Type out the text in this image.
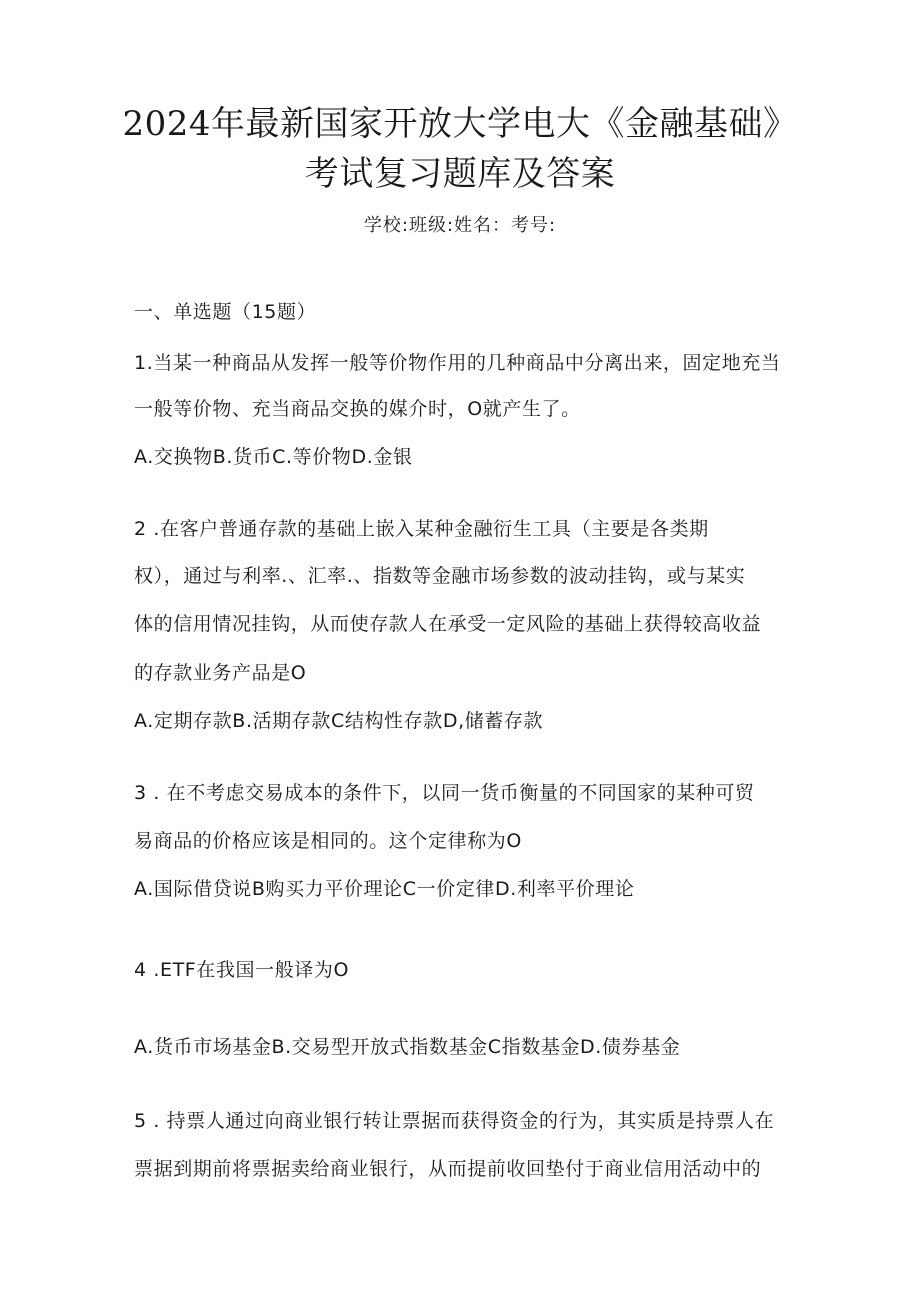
2024年最新国家开放大学电大《金融基础》
考试复习题库及答案
学校:班级:姓名：考号:
一、单选题（15题）
1.当某一种商品从发挥一般等价物作用的几种商品中分离出来，固定地充当
一般等价物、充当商品交换的媒介时，O就产生了。
A.交换物B.货币C.等价物D.金银
2 .在客户普通存款的基础上嵌入某种金融衍生工具（主要是各类期
权），通过与利率.、汇率.、指数等金融市场参数的波动挂钩，或与某实
体的信用情况挂钩，从而使存款人在承受一定风险的基础上获得较高收益
的存款业务产品是O
A.定期存款B.活期存款C结构性存款D,储蓄存款
3 . 在不考虑交易成本的条件下，以同一货币衡量的不同国家的某种可贸
易商品的价格应该是相同的。这个定律称为O
A.国际借贷说B购买力平价理论C一价定律D.利率平价理论
4 .ETF在我国一般译为O
A.货币市场基金B.交易型开放式指数基金C指数基金D.债券基金
5 . 持票人通过向商业银行转让票据而获得资金的行为，其实质是持票人在
票据到期前将票据卖给商业银行，从而提前收回垫付于商业信用活动中的
